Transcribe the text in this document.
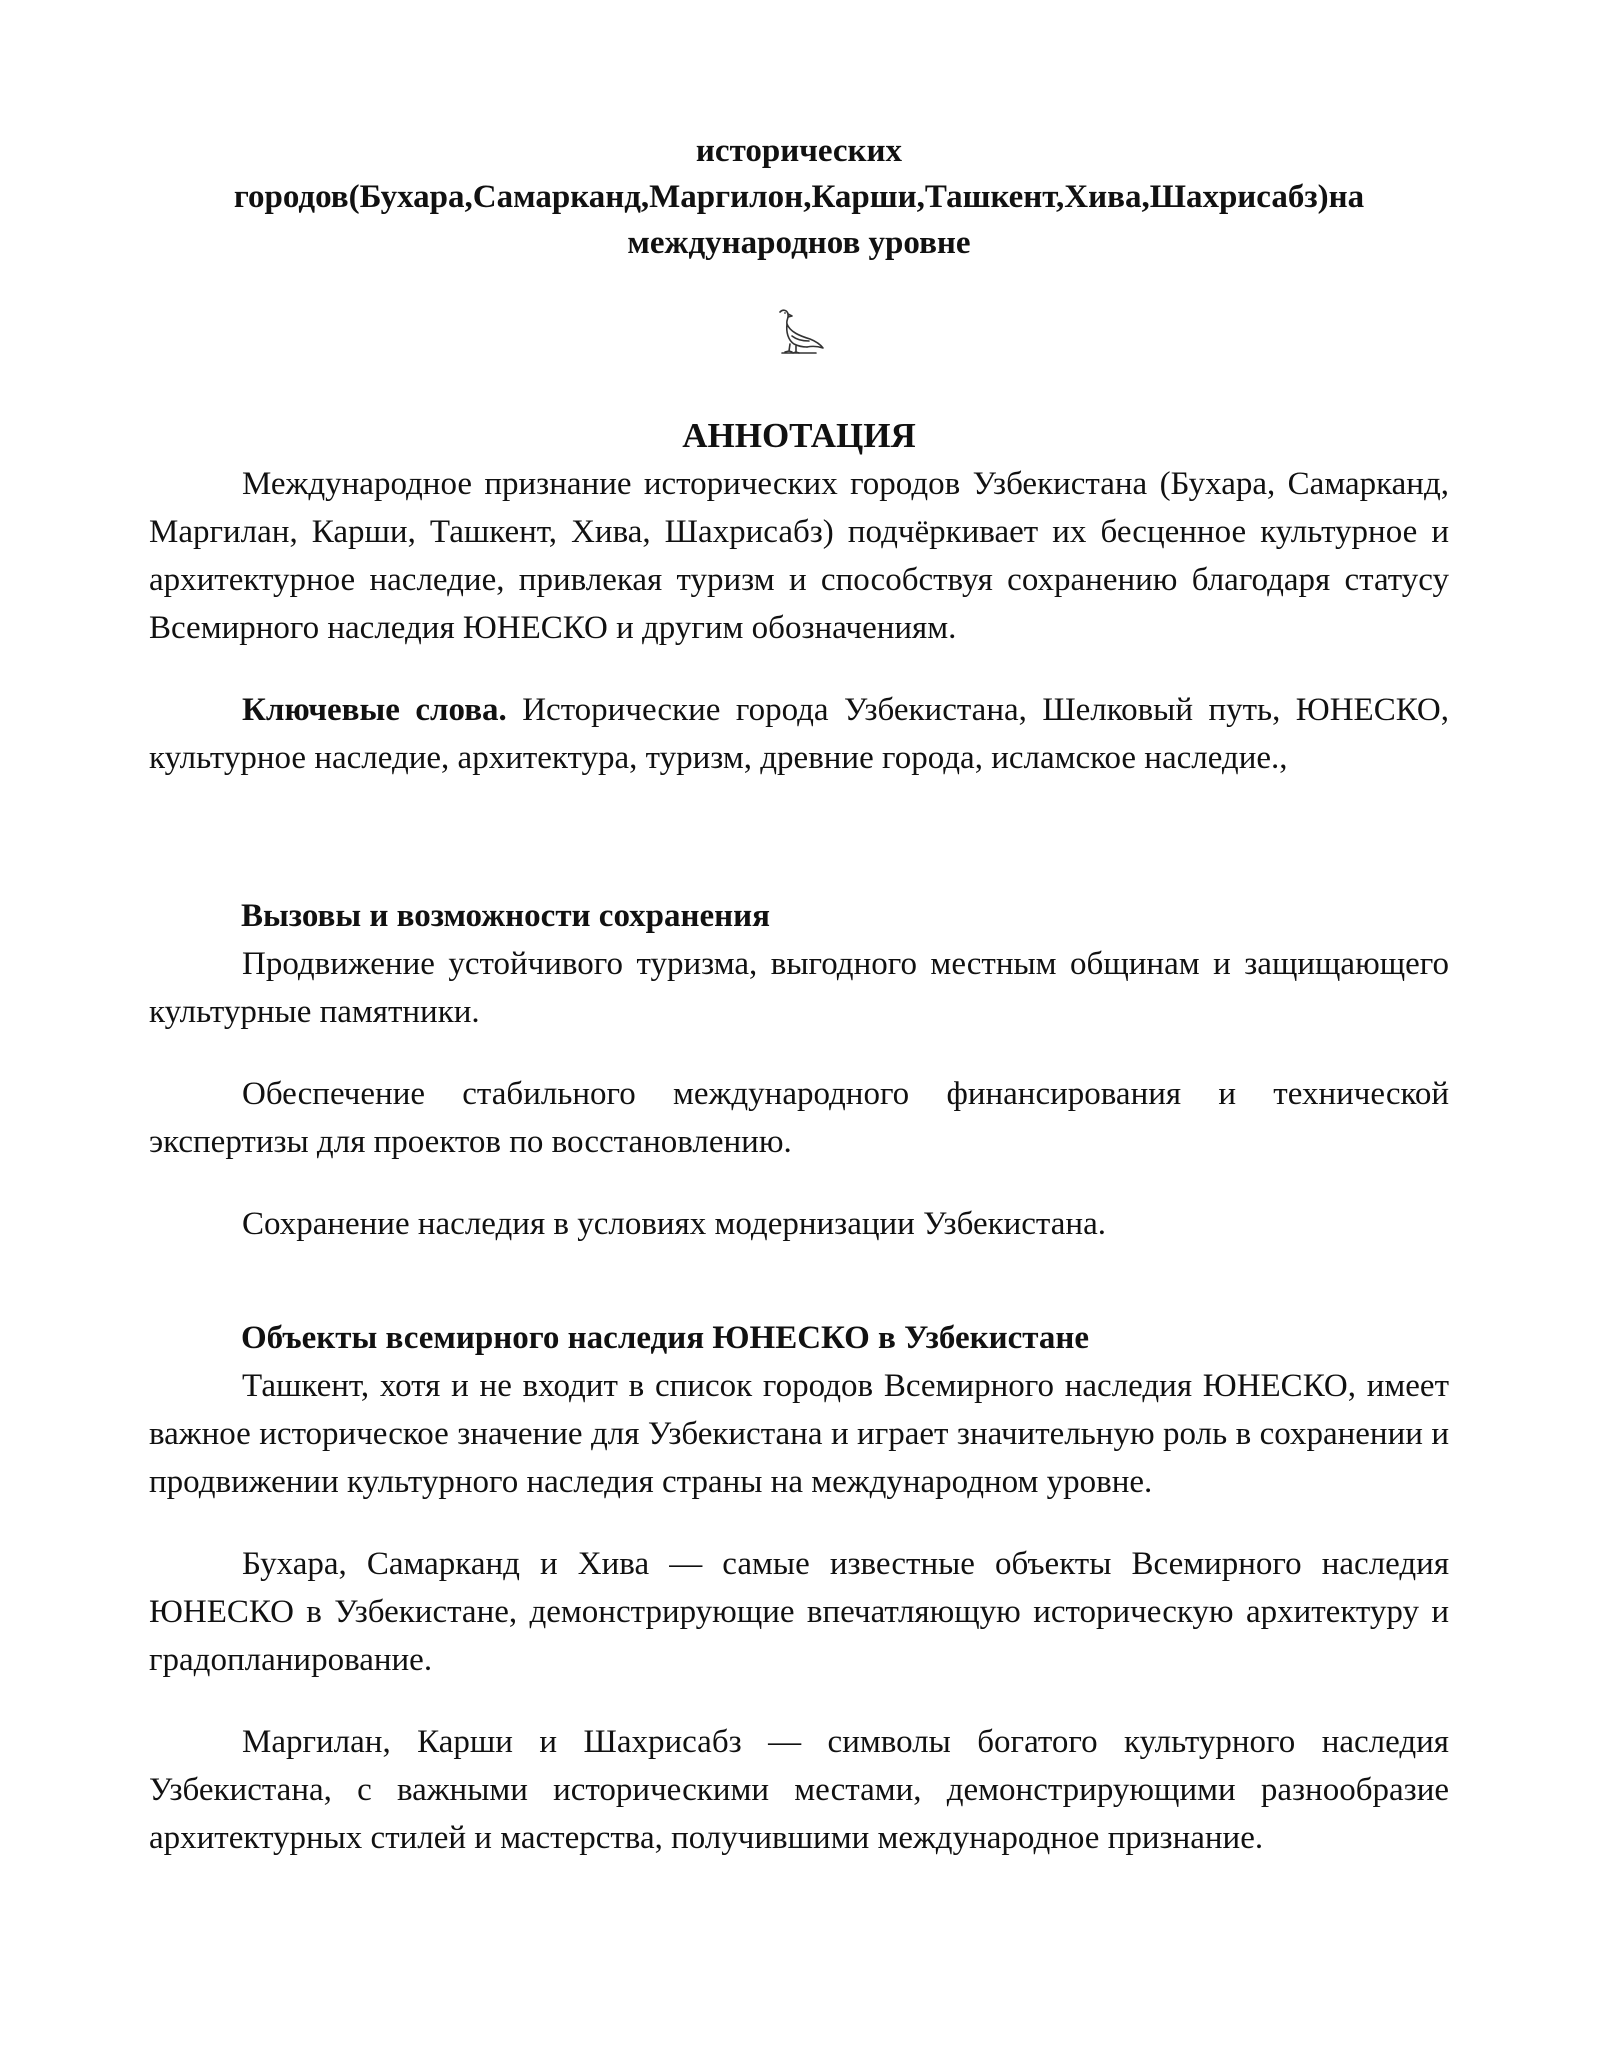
исторических
городов(Бухара,Самарканд,Маргилон,Карши,Ташкент,Хива,Шахрисабз)на
международнов уровне
АННОТАЦИЯ

Международное признание исторических городов Узбекистана (Бухара, Самарканд, Маргилан, Карши, Ташкент, Хива, Шахрисабз) подчёркивает их бесценное культурное и архитектурное наследие, привлекая туризм и способствуя сохранению благодаря статусу Всемирного наследия ЮНЕСКО и другим обозначениям.

Ключевые слова. Исторические города Узбекистана, Шелковый путь, ЮНЕСКО, культурное наследие, архитектура, туризм, древние города, исламское наследие.,

Вызовы и возможности сохранения

Продвижение устойчивого туризма, выгодного местным общинам и защищающего культурные памятники.

Обеспечение стабильного международного финансирования и технической экспертизы для проектов по восстановлению.

Сохранение наследия в условиях модернизации Узбекистана.

Объекты всемирного наследия ЮНЕСКО в Узбекистане

Ташкент, хотя и не входит в список городов Всемирного наследия ЮНЕСКО, имеет важное историческое значение для Узбекистана и играет значительную роль в сохранении и продвижении культурного наследия страны на международном уровне.

Бухара, Самарканд и Хива — самые известные объекты Всемирного наследия ЮНЕСКО в Узбекистане, демонстрирующие впечатляющую историческую архитектуру и градопланирование.

Маргилан, Карши и Шахрисабз — символы богатого культурного наследия Узбекистана, с важными историческими местами, демонстрирующими разнообразие архитектурных стилей и мастерства, получившими международное признание.
